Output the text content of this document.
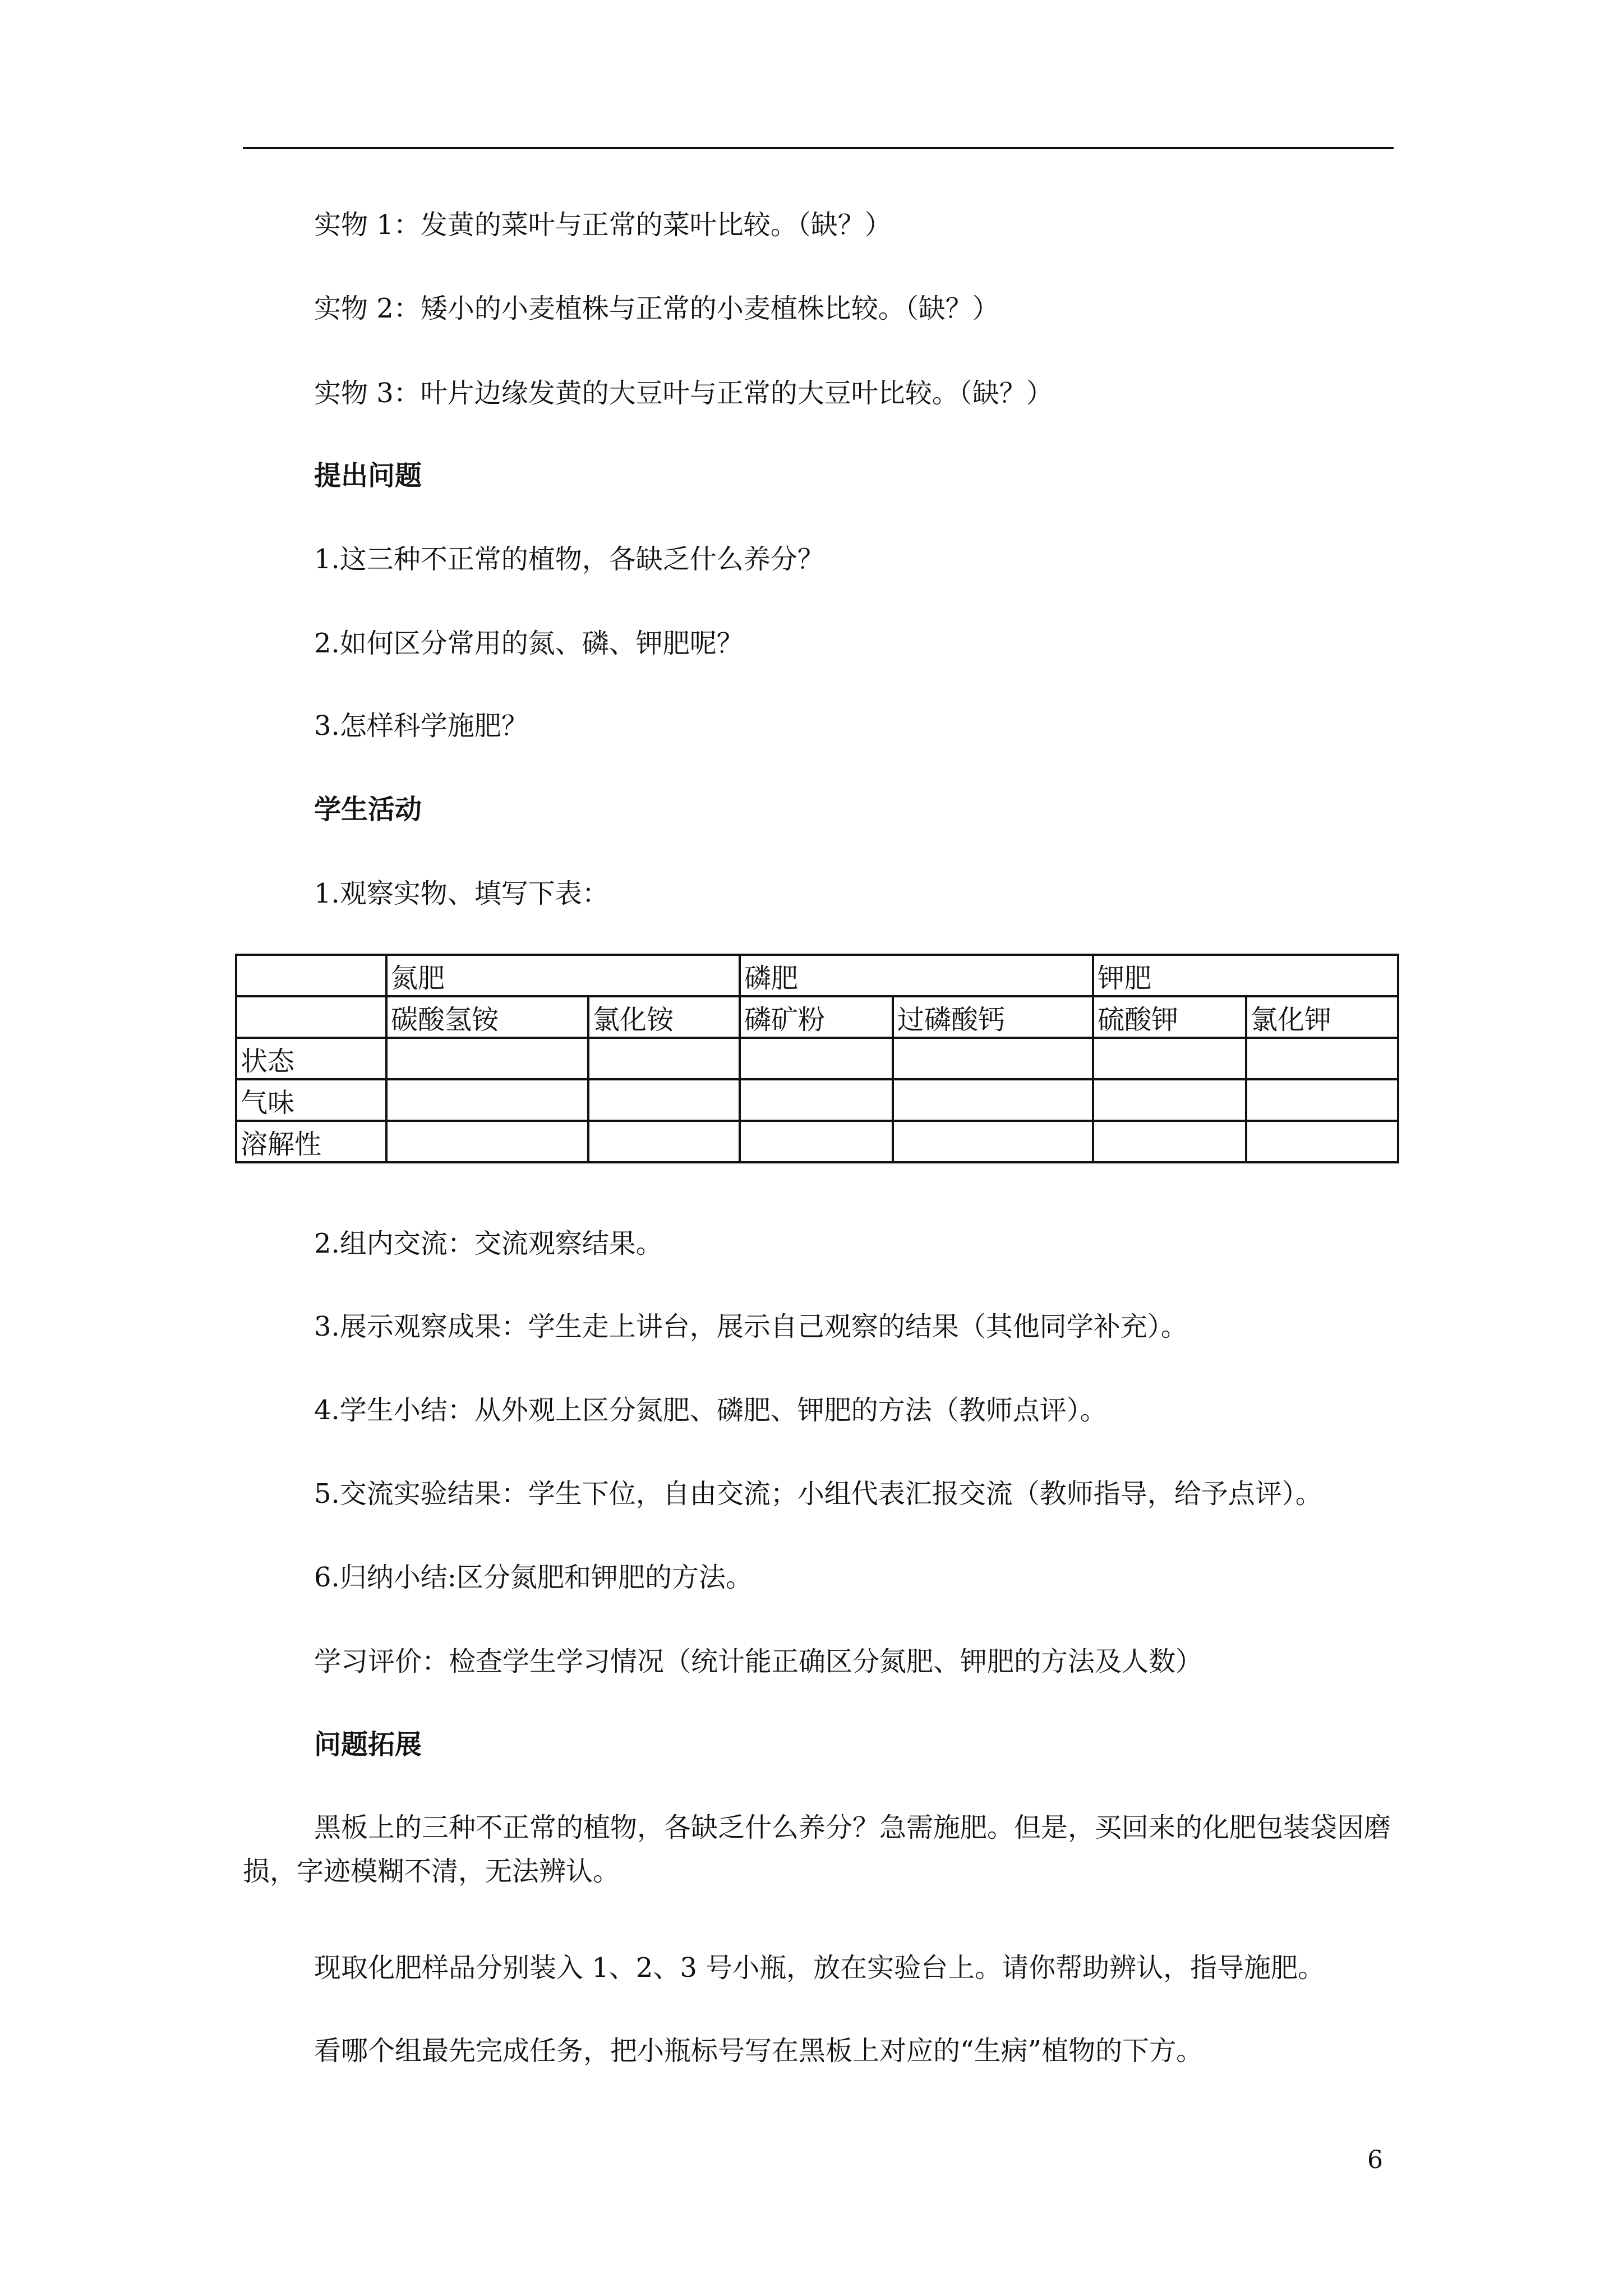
实物 1：发黄的菜叶与正常的菜叶比较。（缺？）
实物 2：矮小的小麦植株与正常的小麦植株比较。（缺？）
实物 3：叶片边缘发黄的大豆叶与正常的大豆叶比较。（缺？）
提出问题
1.这三种不正常的植物，各缺乏什么养分？
2.如何区分常用的氮、磷、钾肥呢？
3.怎样科学施肥？
学生活动
1.观察实物、填写下表：
	氮肥		磷肥		钾肥	
	碳酸氢铵	氯化铵	磷矿粉	过磷酸钙	硫酸钾	氯化钾
状态						
气味						
溶解性						
2.组内交流：交流观察结果。
3.展示观察成果：学生走上讲台，展示自己观察的结果（其他同学补充）。
4.学生小结：从外观上区分氮肥、磷肥、钾肥的方法（教师点评）。
5.交流实验结果：学生下位，自由交流；小组代表汇报交流（教师指导，给予点评）。
6.归纳小结:区分氮肥和钾肥的方法。
学习评价：检查学生学习情况（统计能正确区分氮肥、钾肥的方法及人数）
问题拓展
黑板上的三种不正常的植物，各缺乏什么养分？急需施肥。但是，买回来的化肥包装袋因磨损，字迹模糊不清，无法辨认。
现取化肥样品分别装入 1、2、3 号小瓶，放在实验台上。请你帮助辨认，指导施肥。
看哪个组最先完成任务，把小瓶标号写在黑板上对应的“生病”植物的下方。
6
